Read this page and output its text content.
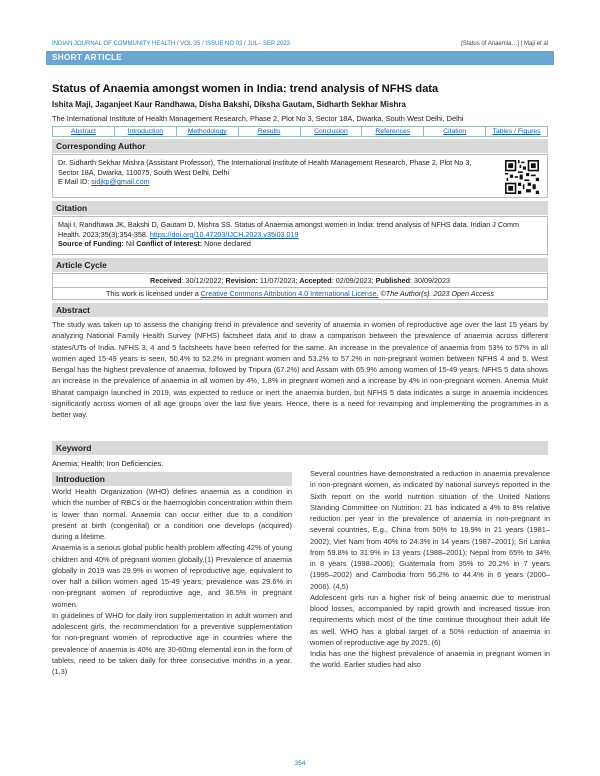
INDIAN JOURNAL OF COMMUNITY HEALTH / VOL 35 / ISSUE NO 03 / JUL– SEP 2023	[Status of Anaemia…] | Maji et al
SHORT ARTICLE
Status of Anaemia amongst women in India: trend analysis of NFHS data
Ishita Maji, Jaganjeet Kaur Randhawa, Disha Bakshi, Diksha Gautam, Sidharth Sekhar Mishra
The International Institute of Health Management Research, Phase 2, Plot No 3, Sector 18A, Dwarka, South West Delhi, Delhi
Abstract	Introduction	Methodology	Results	Conclusion	References	Citation	Tables / Figures
Corresponding Author
Dr. Sidharth Sekhar Mishra (Assistant Professor), The International Institute of Health Management Research, Phase 2, Plot No 3, Sector 18A, Dwarka, 110075, South West Delhi, Delhi
E Mail ID: sidjkp@gmail.com
Citation
Maji I, Randhawa JK, Bakshi D, Gautam D, Mishra SS. Status of Anaemia amongst women in India: trend analysis of NFHS data. Indian J Comm Health. 2023;35(3):354-358. https://doi.org/10.47203/IJCH.2023.v35i03.019
Source of Funding: Nil Conflict of Interest: None declared
Article Cycle
Received: 30/12/2022; Revision: 11/07/2023; Accepted: 02/09/2023; Published: 30/09/2023
This work is licensed under a Creative Commons Attribution 4.0 International License. ©The Author(s). 2023 Open Access
Abstract
The study was taken up to assess the changing trend in prevalence and severity of anaemia in women of reproductive age over the last 15 years by analyzing National Family Health Survey (NFHS) factsheet data and to draw a comparison between the prevalence of anaemia across different states/UTs of India. NFHS 3, 4 and 5 factsheets have been referred for the same. An increase in the prevalence of anaemia from 53% to 57% in all women aged 15-49 years is seen, 50.4% to 52.2% in pregnant women and 53.2% to 57.2% in non-pregnant women between NFHS 4 and 5. West Bengal has the highest prevalence of anaemia, followed by Tripura (67.2%) and Assam with 65.9% among women of 15-49 years. NFHS 5 data shows an increase in the prevalence of anaemia in all women by 4%, 1.8% in pregnant women and a increase by 4% in non-pregnant women. Anemia Mukt Bharat campaign launched in 2019, was expected to reduce or inert the anaemia burden, but NFHS 5 data indicates a surge in anaemia incidences significantly across women of all age groups over the last five years. Hence, there is a need for revamping and implementing the programmes in a better way.
Keyword
Anemia; Health; Iron Deficiencies.
Introduction

World Health Organization (WHO) defines anaemia as a condition in which the number of RBCs or the haemoglobin concentration within them is lower than normal. Anaemia can occur either due to a condition present at birth (congenital) or a condition one develops (acquired) during a lifetime.

Anaemia is a serious global public health problem affecting 42% of young children and 40% of pregnant women globally.(1) Prevalence of anaemia globally in 2019 was 29.9% in women of reproductive age, equivalent to over half a billion women aged 15-49 years; prevalence was 29.6% in non-pregnant women of reproductive age, and 36.5% in pregnant women.

In guidelines of WHO for daily iron supplementation in adult women and adolescent girls, the recommendation for a preventive supplementation for non-pregnant women of reproductive age in countries where the prevalence of anaemia is 40% are 30-60mg elemental iron in the form of tablets, need to be taken daily for three consecutive months in a year. (1,3)

Several countries have demonstrated a reduction in anaemia prevalence in non-pregnant women, as indicated by national surveys reported in the Sixth report on the world nutrition situation of the United Nations Standing Committee on Nutrition: 21 has indicated a 4% to 8% relative reduction per year in the prevalence of anaemia in non-pregnant in several countries, E.g., China from 50% to 19.9% in 21 years (1981–2002); Viet Nam from 40% to 24.3% in 14 years (1987–2001); Sri Lanka from 59.8% to 31.9% in 13 years (1988–2001); Nepal from 65% to 34% in 8 years (1998–2006); Guatemala from 35% to 20.2% in 7 years (1995–2002) and Cambodia from 56.2% to 44.4% in 6 years (2000–2006). (4,5)

Adolescent girls run a higher risk of being anaemic due to menstrual blood losses, accompanied by rapid growth and increased tissue iron requirements which most of the time continue throughout their adult life as well. WHO has a global target of a 50% reduction of anaemia in women of reproductive age by 2025. (6)

India has one the highest prevalence of anaemia in pregnant women in the world. Earlier studies had also

354
